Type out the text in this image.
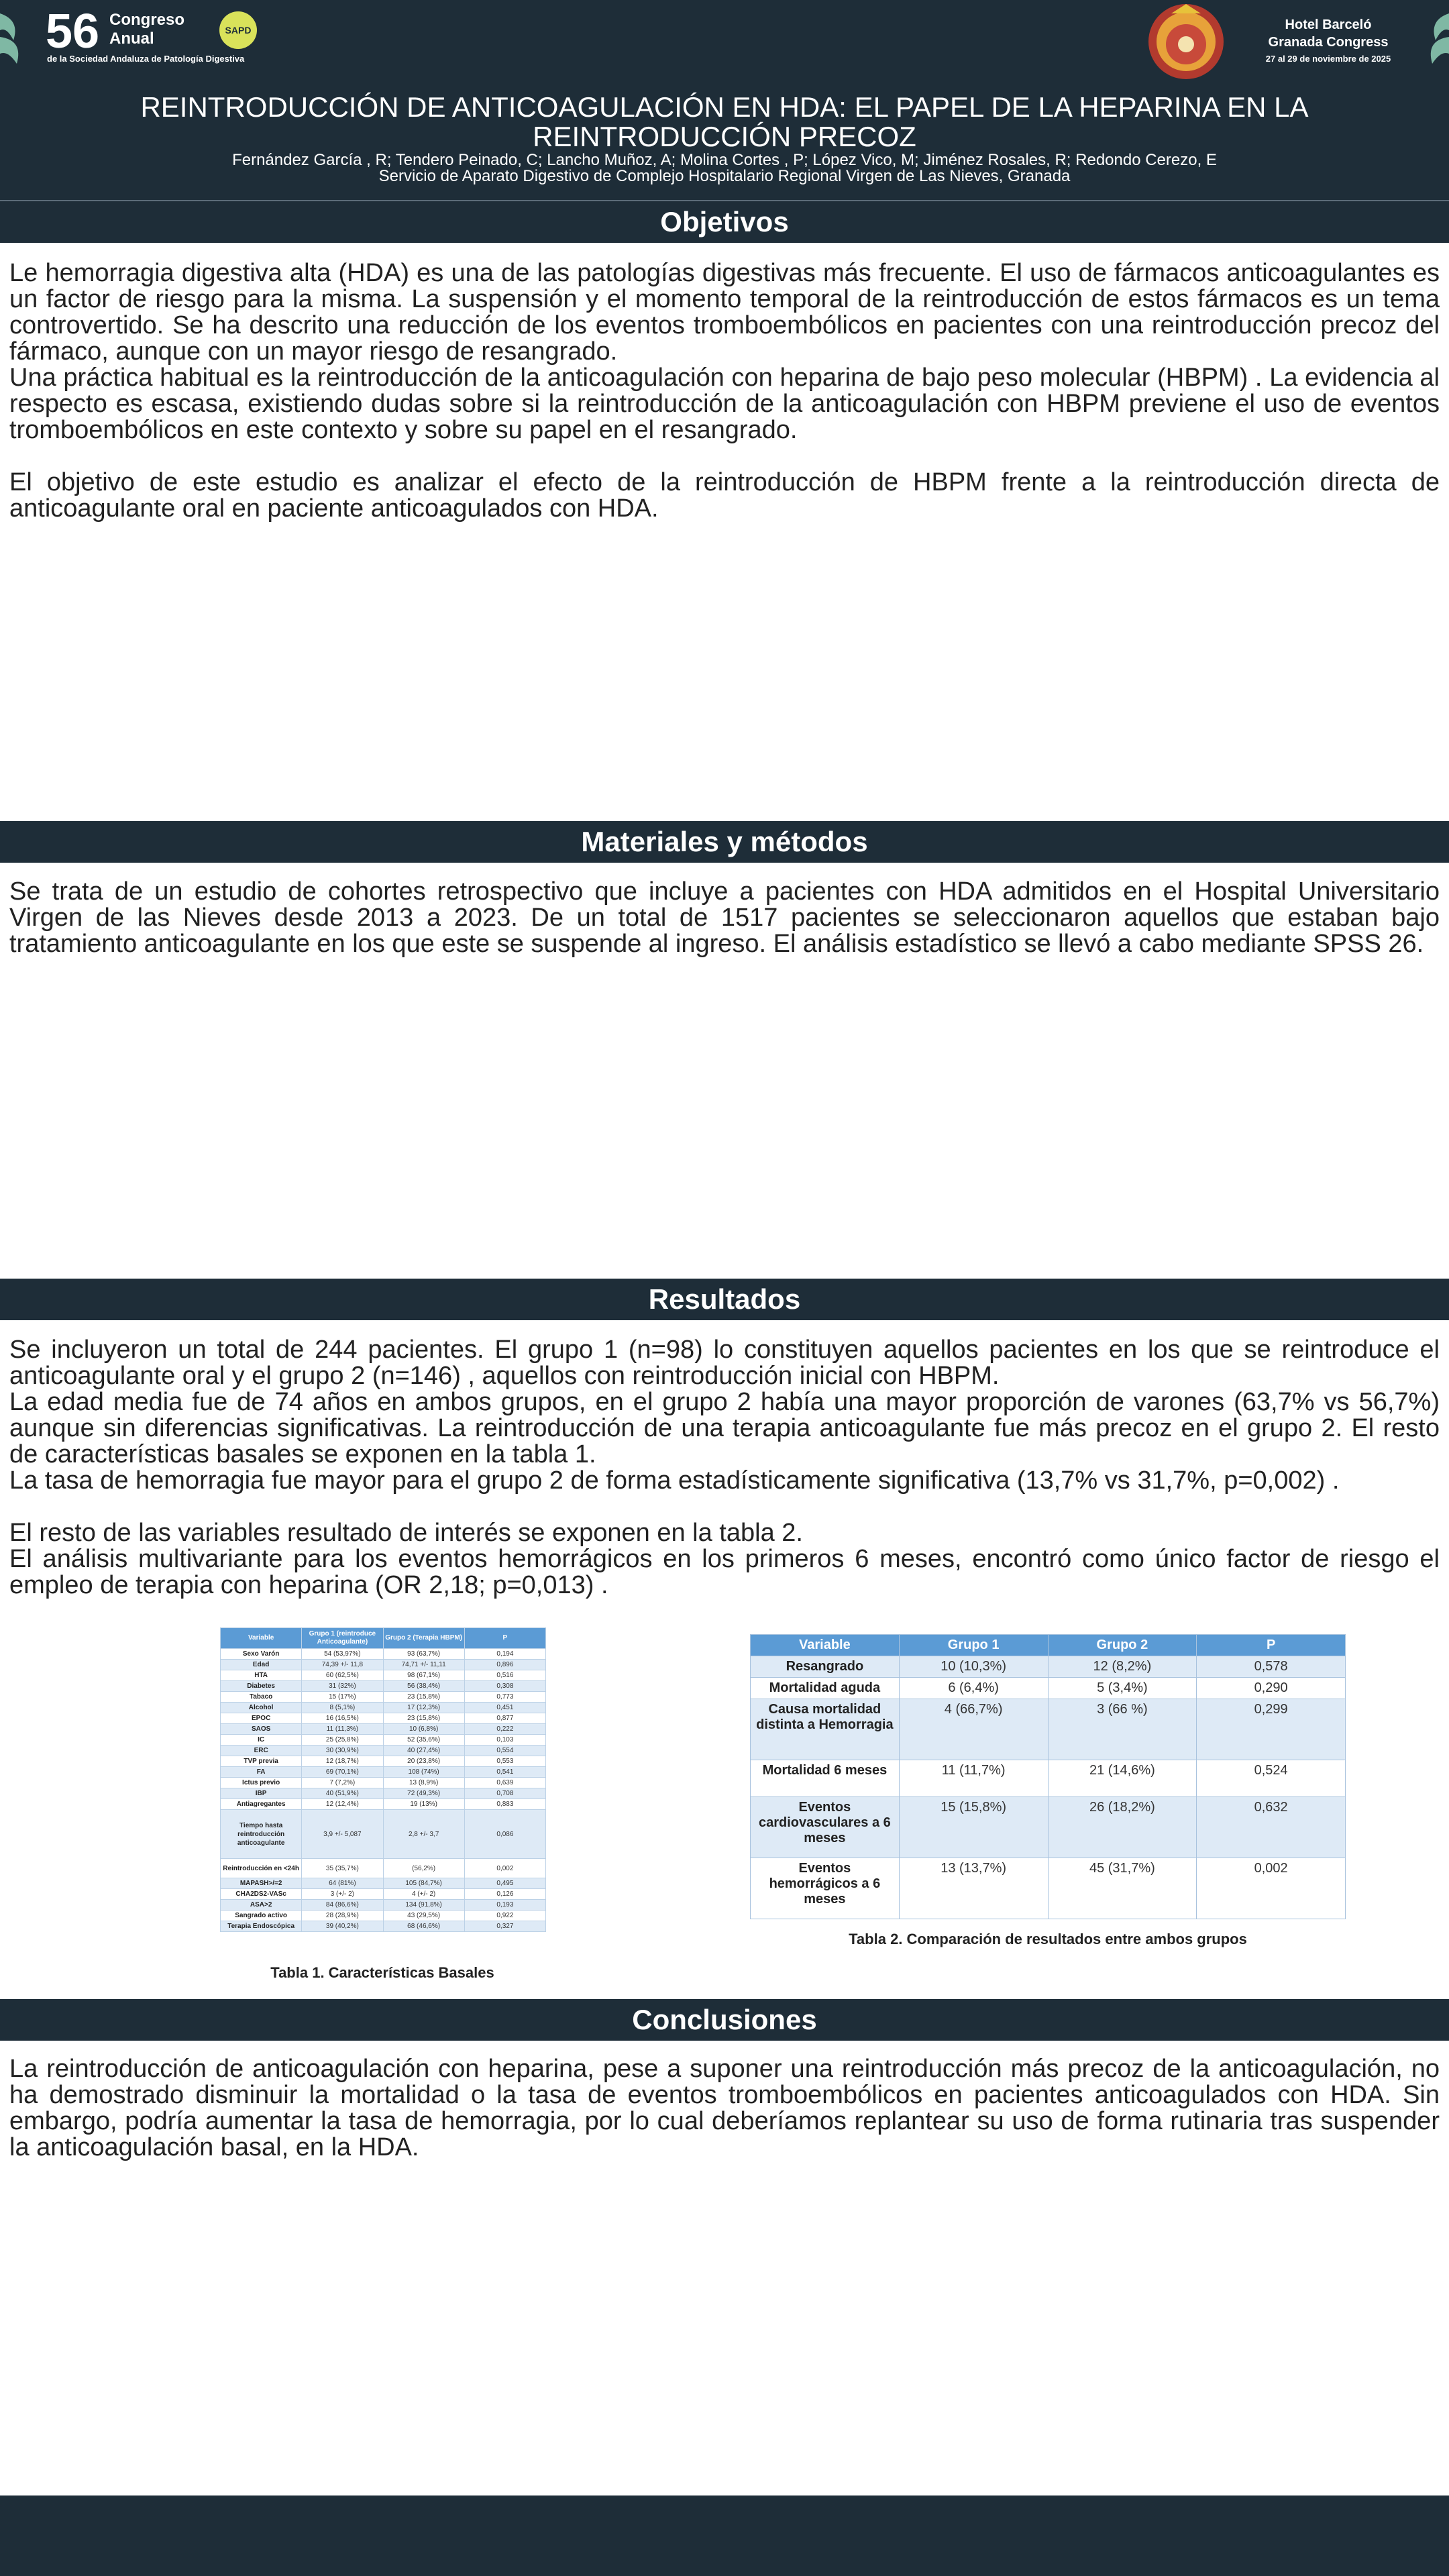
56 Congreso
Anual
de la Sociedad Andaluza de Patología Digestiva
SAPD	Hotel Barceló
Granada Congress
27 al 29 de noviembre de 2025
REINTRODUCCIÓN DE ANTICOAGULACIÓN EN HDA: EL PAPEL DE LA HEPARINA EN LA REINTRODUCCIÓN PRECOZ
Fernández García , R; Tendero Peinado, C; Lancho Muñoz, A; Molina Cortes , P; López Vico, M; Jiménez Rosales, R; Redondo Cerezo, E
Servicio de Aparato Digestivo de Complejo Hospitalario Regional Virgen de Las Nieves, Granada
Objetivos

Le hemorragia digestiva alta (HDA) es una de las patologías digestivas más frecuente. El uso de fármacos anticoagulantes es un factor de riesgo para la misma. La suspensión y el momento temporal de la reintroducción de estos fármacos es un tema controvertido. Se ha descrito una reducción de los eventos tromboembólicos en pacientes con una reintroducción precoz del fármaco, aunque con un mayor riesgo de resangrado.

Una práctica habitual es la reintroducción de la anticoagulación con heparina de bajo peso molecular (HBPM) . La evidencia al respecto es escasa, existiendo dudas sobre si la reintroducción de la anticoagulación con HBPM previene el uso de eventos tromboembólicos en este contexto y sobre su papel en el resangrado.

El objetivo de este estudio es analizar el efecto de la reintroducción de HBPM frente a la reintroducción directa de anticoagulante oral en paciente anticoagulados con HDA.

Materiales y métodos

Se trata de un estudio de cohortes retrospectivo que incluye a pacientes con HDA admitidos en el Hospital Universitario Virgen de las Nieves desde 2013 a 2023. De un total de 1517 pacientes se seleccionaron aquellos que estaban bajo tratamiento anticoagulante en los que este se suspende al ingreso. El análisis estadístico se llevó a cabo mediante SPSS 26.

Resultados

Se incluyeron un total de 244 pacientes. El grupo 1 (n=98) lo constituyen aquellos pacientes en los que se reintroduce el anticoagulante oral y el grupo 2 (n=146) , aquellos con reintroducción inicial con HBPM.

La edad media fue de 74 años en ambos grupos, en el grupo 2 había una mayor proporción de varones (63,7% vs 56,7%) aunque sin diferencias significativas. La reintroducción de una terapia anticoagulante fue más precoz en el grupo 2. El resto de características basales se exponen en la tabla 1.

La tasa de hemorragia fue mayor para el grupo 2 de forma estadísticamente significativa (13,7% vs 31,7%, p=0,002) .

El resto de las variables resultado de interés se exponen en la tabla 2.

El análisis multivariante para los eventos hemorrágicos en los primeros 6 meses, encontró como único factor de riesgo el empleo de terapia con heparina (OR 2,18; p=0,013) .

Variable	Grupo 1 (reintroduce Anticoagulante)	Grupo 2 (Terapia HBPM)	P
Sexo Varón	54 (53,97%)	93 (63,7%)	0,194
Edad	74,39 +/- 11,8	74,71 +/- 11,11	0,896
HTA	60 (62,5%)	98 (67,1%)	0,516
Diabetes	31 (32%)	56 (38,4%)	0,308
Tabaco	15 (17%)	23 (15,8%)	0,773
Alcohol	8 (5,1%)	17 (12,3%)	0,451
EPOC	16 (16,5%)	23 (15,8%)	0,877
SAOS	11 (11,3%)	10 (6,8%)	0,222
IC	25 (25,8%)	52 (35,6%)	0,103
ERC	30 (30,9%)	40 (27,4%)	0,554
TVP previa	12 (18,7%)	20 (23,8%)	0,553
FA	69 (70,1%)	108 (74%)	0,541
Ictus previo	7 (7,2%)	13 (8,9%)	0,639
IBP	40 (51,9%)	72 (49,3%)	0,708
Antiagregantes	12 (12,4%)	19 (13%)	0,883
Tiempo hasta reintroducción anticoagulante	3,9 +/- 5,087	2,8 +/- 3,7	0,086
Reintroducción en <24h	35 (35,7%)	(56,2%)	0,002
MAPASH>/=2	64 (81%)	105 (84,7%)	0,495
CHA2DS2-VASc	3 (+/- 2)	4 (+/- 2)	0,126
ASA>2	84 (86,6%)	134 (91,8%)	0,193
Sangrado activo	28 (28,9%)	43 (29,5%)	0,922
Terapia Endoscópica	39 (40,2%)	68 (46,6%)	0,327
Tabla 1. Características Basales
Variable	Grupo 1	Grupo 2	P
Resangrado	10 (10,3%)	12 (8,2%)	0,578
Mortalidad aguda	6 (6,4%)	5 (3,4%)	0,290
Causa mortalidad distinta a Hemorragia	4 (66,7%)	3 (66 %)	0,299
Mortalidad 6 meses	11 (11,7%)	21 (14,6%)	0,524
Eventos cardiovasculares a 6 meses	15 (15,8%)	26 (18,2%)	0,632
Eventos hemorrágicos a 6 meses	13 (13,7%)	45 (31,7%)	0,002
Tabla 2. Comparación de resultados entre ambos grupos
Conclusiones

La reintroducción de anticoagulación con heparina, pese a suponer una reintroducción más precoz de la anticoagulación, no ha demostrado disminuir la mortalidad o la tasa de eventos tromboembólicos en pacientes anticoagulados con HDA. Sin embargo, podría aumentar la tasa de hemorragia, por lo cual deberíamos replantear su uso de forma rutinaria tras suspender la anticoagulación basal, en la HDA.
